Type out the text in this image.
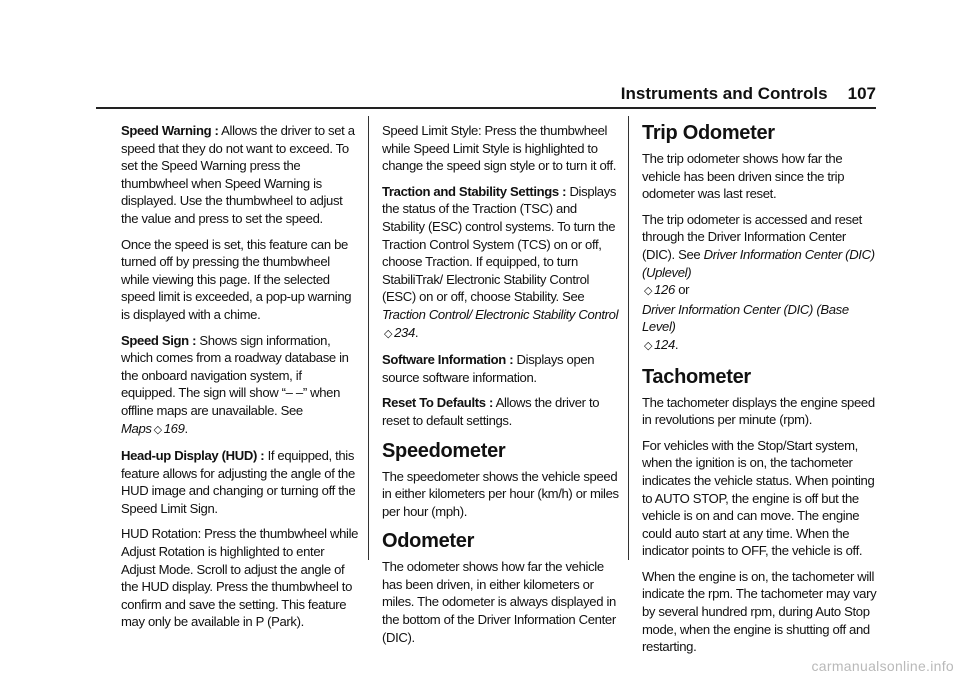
Instruments and Controls 107

Speed Warning : Allows the driver to set a speed that they do not want to exceed. To set the Speed Warning press the thumbwheel when Speed Warning is displayed. Use the thumbwheel to adjust the value and press to set the speed.

Once the speed is set, this feature can be turned off by pressing the thumbwheel while viewing this page. If the selected speed limit is exceeded, a pop-up warning is displayed with a chime.

Speed Sign : Shows sign information, which comes from a roadway database in the onboard navigation system, if equipped. The sign will show “– –” when offline maps are unavailable. See Maps ◇ 169.

Head-up Display (HUD) : If equipped, this feature allows for adjusting the angle of the HUD image and changing or turning off the Speed Limit Sign.

HUD Rotation: Press the thumbwheel while Adjust Rotation is highlighted to enter Adjust Mode. Scroll to adjust the angle of the HUD display. Press the thumbwheel to confirm and save the setting. This feature may only be available in P (Park).

Speed Limit Style: Press the thumbwheel while Speed Limit Style is highlighted to change the speed sign style or to turn it off.

Traction and Stability Settings : Displays the status of the Traction (TSC) and Stability (ESC) control systems. To turn the Traction Control System (TCS) on or off, choose Traction. If equipped, to turn StabiliTrak/ Electronic Stability Control (ESC) on or off, choose Stability. See Traction Control/ Electronic Stability Control ◇ 234.

Software Information : Displays open source software information.

Reset To Defaults : Allows the driver to reset to default settings.

Speedometer

The speedometer shows the vehicle speed in either kilometers per hour (km/h) or miles per hour (mph).

Odometer

The odometer shows how far the vehicle has been driven, in either kilometers or miles. The odometer is always displayed in the bottom of the Driver Information Center (DIC).

Trip Odometer

The trip odometer shows how far the vehicle has been driven since the trip odometer was last reset.

The trip odometer is accessed and reset through the Driver Information Center (DIC). See Driver Information Center (DIC) (Uplevel)
◇ 126 or
Driver Information Center (DIC) (Base Level)
◇ 124.

Tachometer

The tachometer displays the engine speed in revolutions per minute (rpm).

For vehicles with the Stop/Start system, when the ignition is on, the tachometer indicates the vehicle status. When pointing to AUTO STOP, the engine is off but the vehicle is on and can move. The engine could auto start at any time. When the indicator points to OFF, the vehicle is off.

When the engine is on, the tachometer will indicate the rpm. The tachometer may vary by several hundred rpm, during Auto Stop mode, when the engine is shutting off and restarting.

carmanualsonline.info
